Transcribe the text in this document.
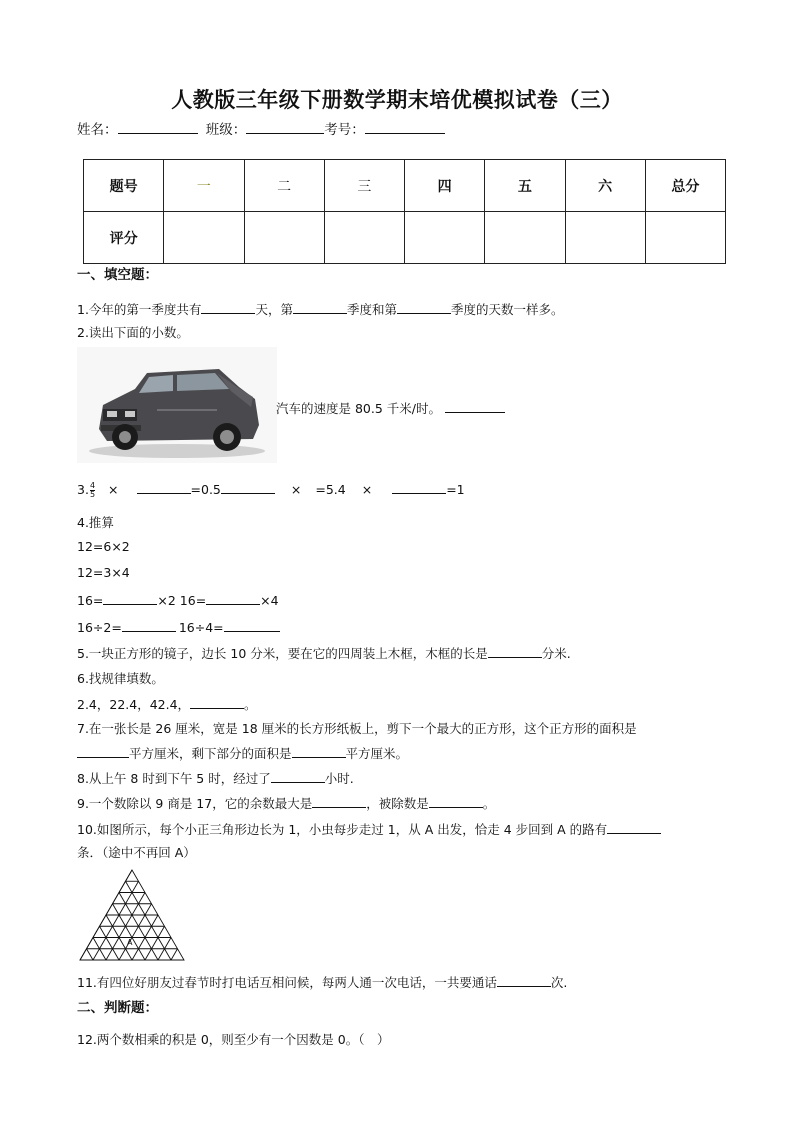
人教版三年级下册数学期末培优模拟试卷（三）
姓名：	班级：	考号：
题号	一	二	三	四	五	六	总分
评分							
一、填空题：
1.今年的第一季度共有	天，第	季度和第	季度的天数一样多。
2.读出下面的小数。
汽车的速度是 80.5 千米/时。
3. $\frac{4}{5}$ ×	=0.5	× =5.4 ×	=1
4.推算
12=6×2
12=3×4
16=	×2 16=	×4
16÷2=	16÷4=
5.一块正方形的镜子，边长 10 分米，要在它的四周装上木框，木框的长是	分米.
6.找规律填数。
2.4，22.4，42.4，	。
7.在一张长是 26 厘米，宽是 18 厘米的长方形纸板上，剪下一个最大的正方形，这个正方形的面积是
平方厘米，剩下部分的面积是	平方厘米。
8.从上午 8 时到下午 5 时，经过了	小时.
9.一个数除以 9 商是 17，它的余数最大是	，被除数是	。
10.如图所示，每个小正三角形边长为 1，小虫每步走过 1，从 A 出发，恰走 4 步回到 A 的路有
条．（途中不再回 A）
A
11.有四位好朋友过春节时打电话互相问候，每两人通一次电话，一共要通话	次.
二、判断题：
12.两个数相乘的积是 0，则至少有一个因数是 0。（　）
